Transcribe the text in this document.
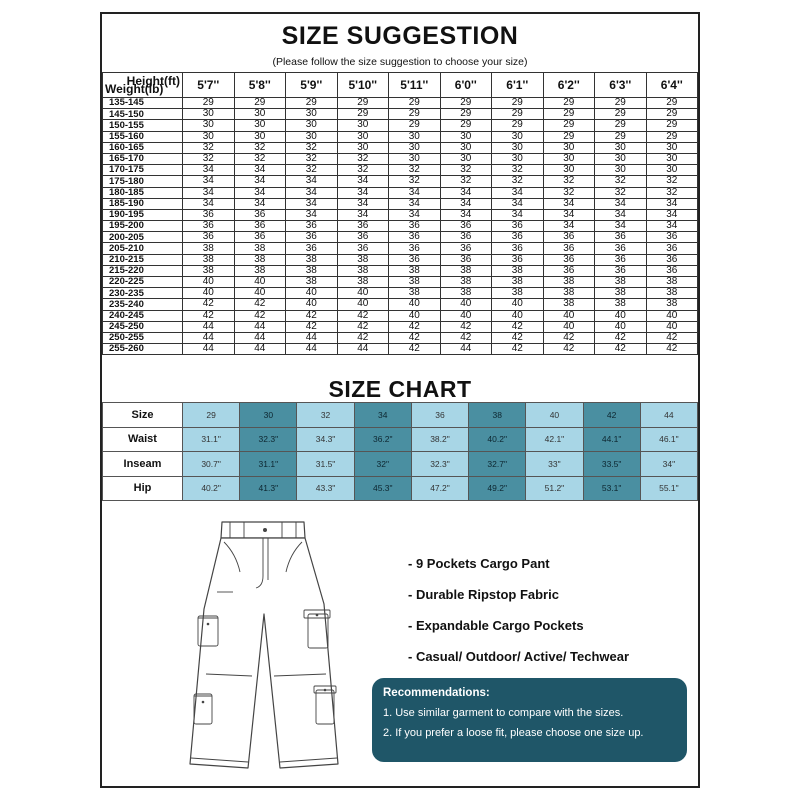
SIZE SUGGESTION
(Please follow the size suggestion to choose your size)
Height(ft)
Weight(lb)	5'7''	5'8''	5'9''	5'10''	5'11''	6'0''	6'1''	6'2''	6'3''	6'4''
135-145	29	29	29	29	29	29	29	29	29	29
145-150	30	30	30	29	29	29	29	29	29	29
150-155	30	30	30	30	29	29	29	29	29	29
155-160	30	30	30	30	30	30	30	29	29	29
160-165	32	32	32	30	30	30	30	30	30	30
165-170	32	32	32	32	30	30	30	30	30	30
170-175	34	34	32	32	32	32	32	30	30	30
175-180	34	34	34	34	32	32	32	32	32	32
180-185	34	34	34	34	34	34	34	32	32	32
185-190	34	34	34	34	34	34	34	34	34	34
190-195	36	36	34	34	34	34	34	34	34	34
195-200	36	36	36	36	36	36	36	34	34	34
200-205	36	36	36	36	36	36	36	36	36	36
205-210	38	38	36	36	36	36	36	36	36	36
210-215	38	38	38	38	36	36	36	36	36	36
215-220	38	38	38	38	38	38	38	36	36	36
220-225	40	40	38	38	38	38	38	38	38	38
230-235	40	40	40	40	38	38	38	38	38	38
235-240	42	42	40	40	40	40	40	38	38	38
240-245	42	42	42	42	40	40	40	40	40	40
245-250	44	44	42	42	42	42	42	40	40	40
250-255	44	44	44	42	42	42	42	42	42	42
255-260	44	44	44	44	42	44	42	42	42	42
SIZE CHART
Size	29	30	32	34	36	38	40	42	44
Waist	31.1"	32.3"	34.3"	36.2"	38.2"	40.2"	42.1"	44.1"	46.1"
Inseam	30.7"	31.1"	31.5"	32"	32.3"	32.7"	33"	33.5"	34"
Hip	40.2"	41.3"	43.3"	45.3"	47.2"	49.2"	51.2"	53.1"	55.1"
- 9 Pockets Cargo Pant
- Durable Ripstop Fabric
- Expandable Cargo Pockets
- Casual/ Outdoor/ Active/ Techwear
Recommendations:
1. Use similar garment to compare with the sizes.
2. If you prefer a loose fit, please choose one size up.
